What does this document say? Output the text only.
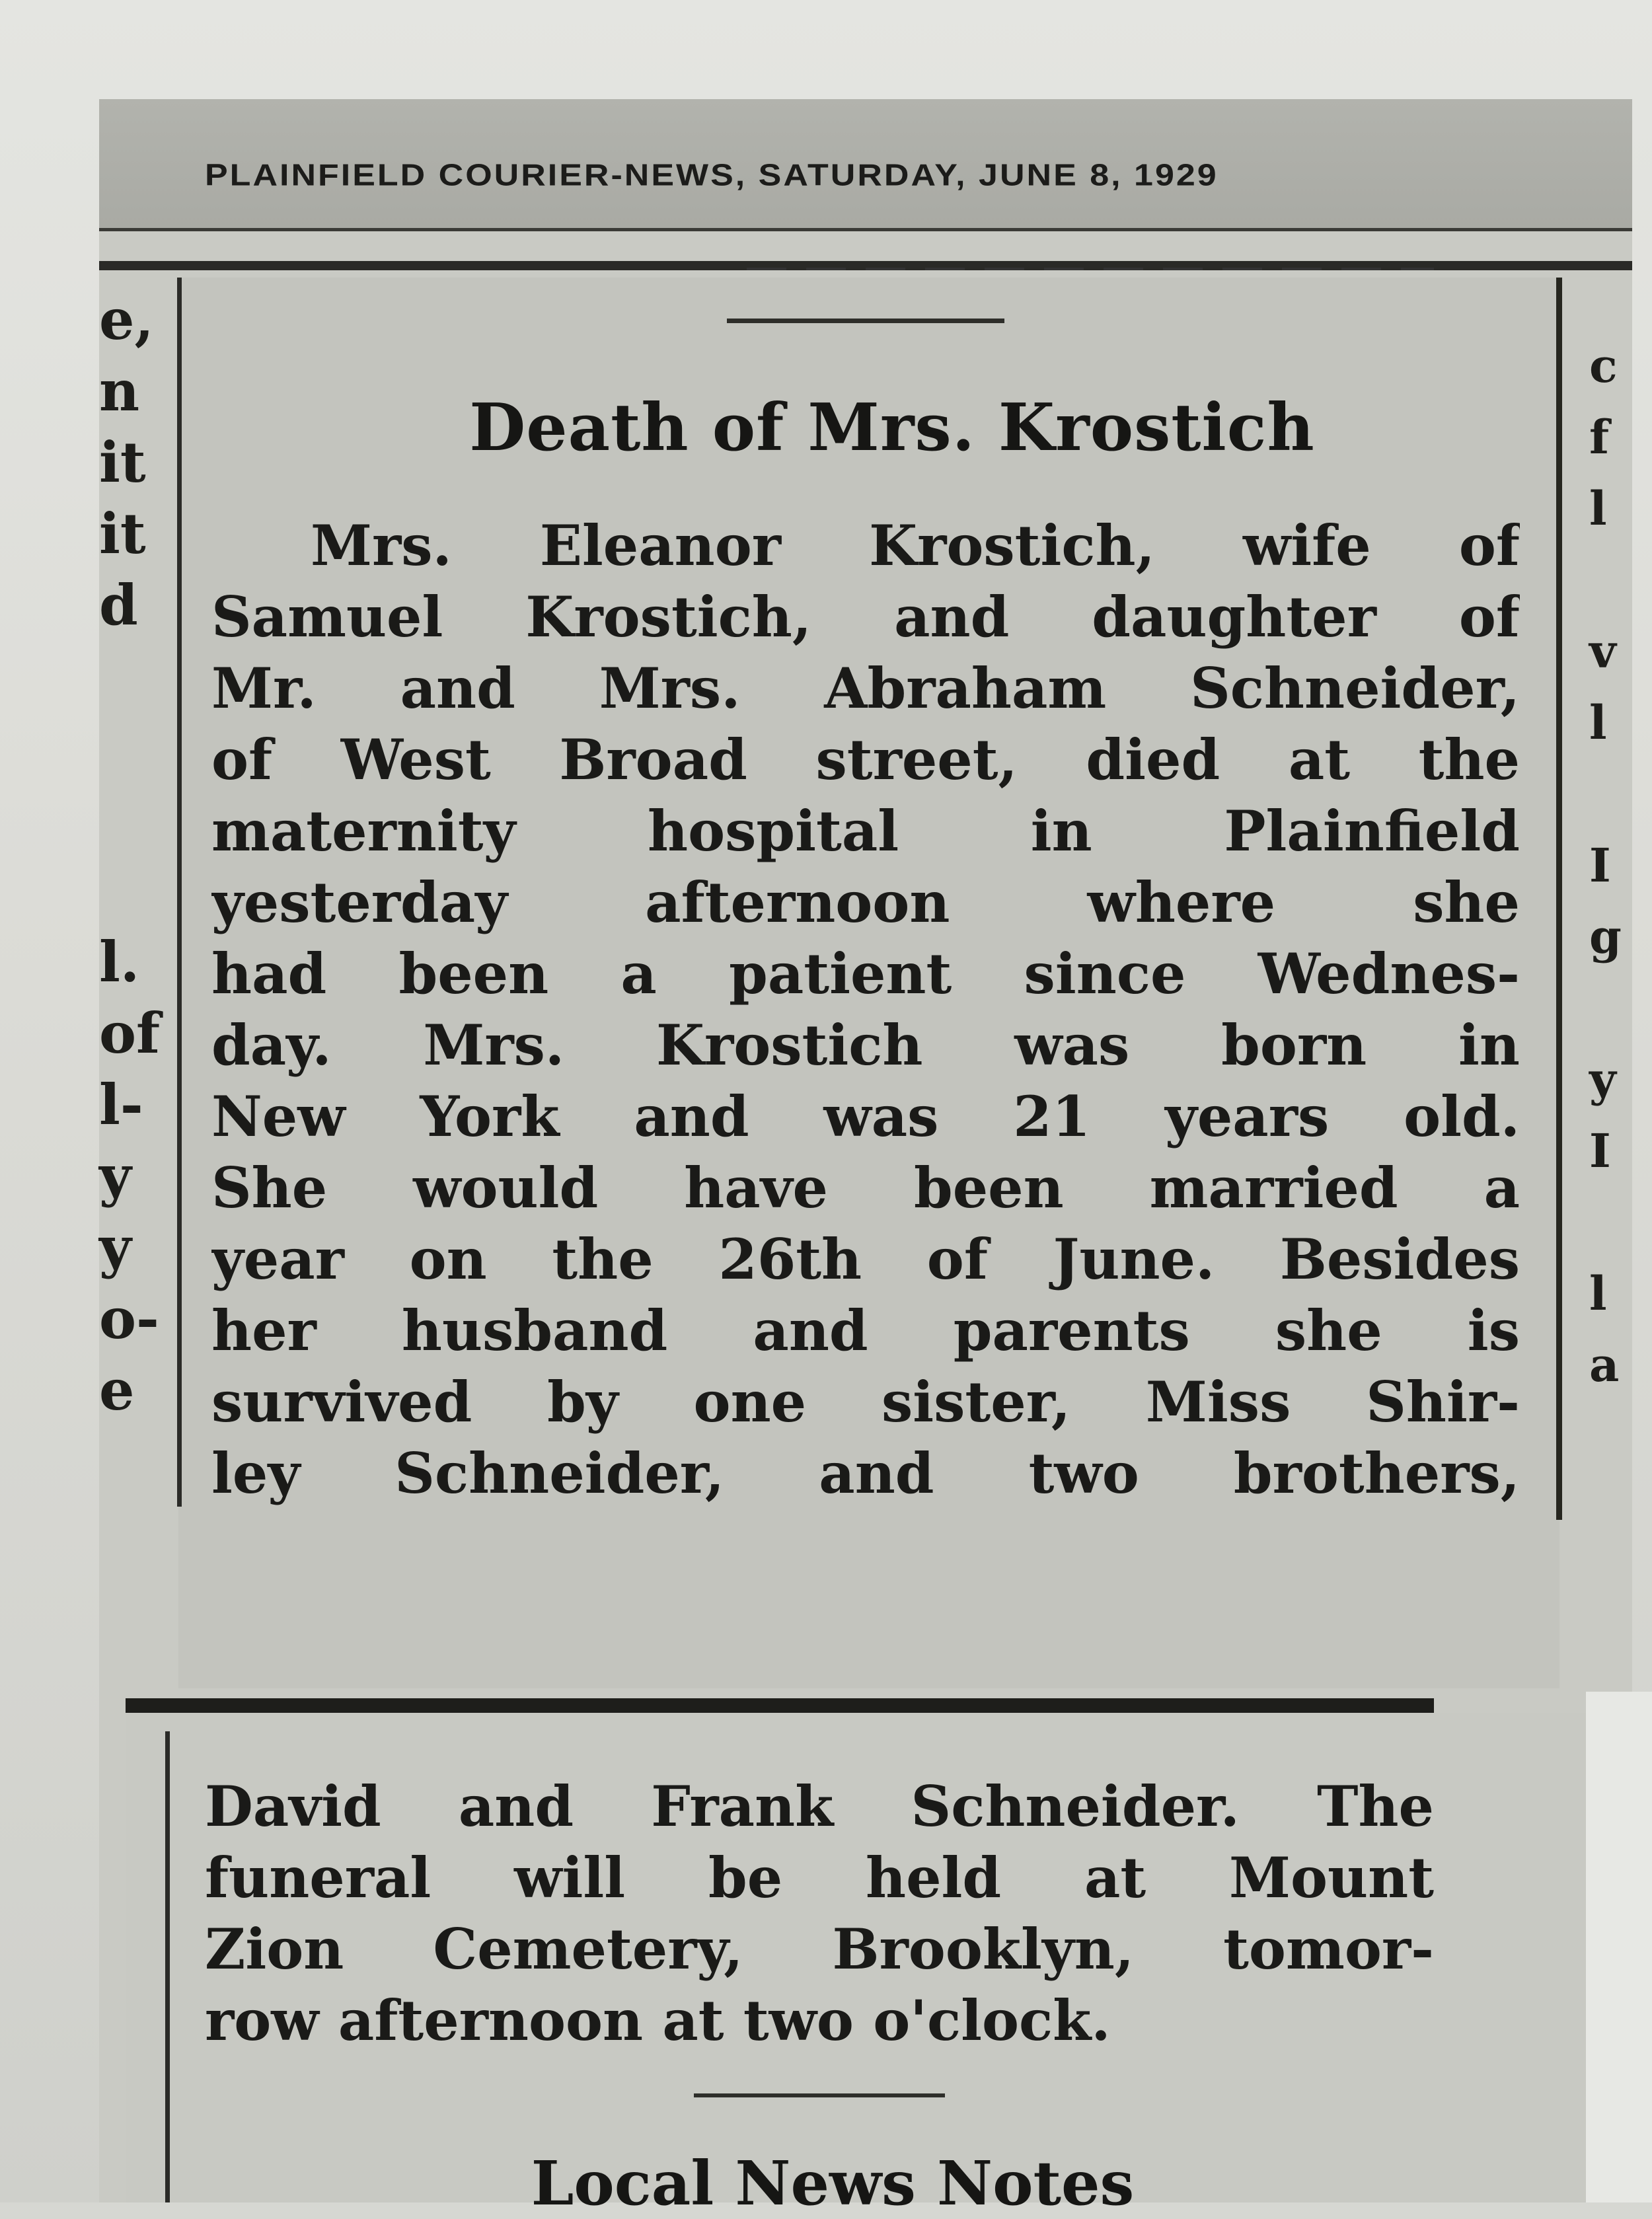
PLAINFIELD COURIER-NEWS, SATURDAY, JUNE 8, 1929
Death of Mrs. Krostich
Mrs. Eleanor Krostich, wife of
Samuel Krostich, and daughter of
Mr. and Mrs. Abraham Schneider,
of West Broad street, died at the
maternity hospital in Plainfield
yesterday afternoon where she
had been a patient since Wednes-
day. Mrs. Krostich was born in
New York and was 21 years old.
She would have been married a
year on the 26th of June. Besides
her husband and parents she is
survived by one sister, Miss Shir-
ley Schneider, and two brothers,
David and Frank Schneider. The
funeral will be held at Mount
Zion Cemetery, Brooklyn, tomor-
row afternoon at two o'clock.
Local News Notes
e,
n
it
it
d
l.
of
l-
y
y
o-
e
c
f
l
v
l
I
g
y
I
l
a
